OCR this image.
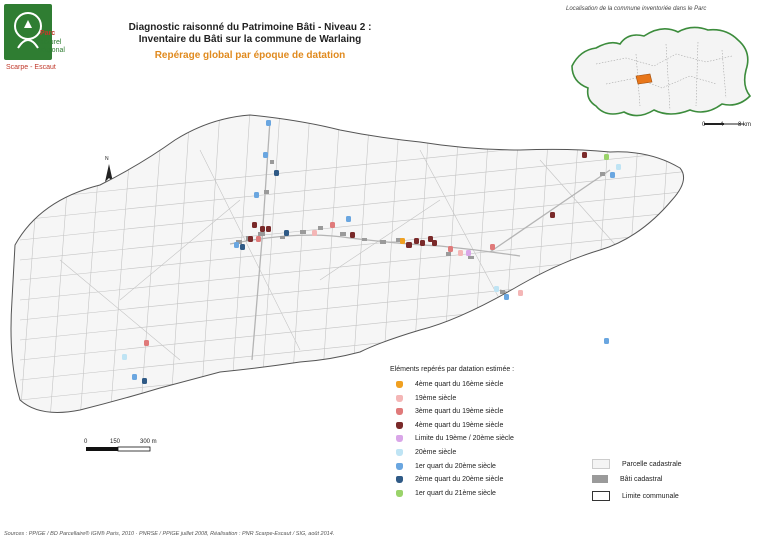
Parc
naturel
régional
Scarpe - Escaut
Diagnostic raisonné du Patrimoine Bâti - Niveau 2 :
Inventaire du Bâti sur la commune de Warlaing
Repérage global par époque de datation
Localisation de la commune inventoriée dans le Parc
0 4 8 km
N
0	150	300 m
Eléments repérés par datation estimée :
4ème quart du 16ème siècle
19ème siècle
3ème quart du 19ème siècle
4ème quart du 19ème siècle
Limite du 19ème / 20ème siècle
20ème siècle
1er quart du 20ème siècle
2ème quart du 20ème siècle
1er quart du 21ème siècle
Parcelle cadastrale
Bâti cadastral
Limite communale
Sources : PPIGE / BD Parcellaire® IGN® Paris, 2010 · PNRSE / PPIGE juillet 2008, Réalisation : PNR Scarpe-Escaut / SIG, août 2014.
